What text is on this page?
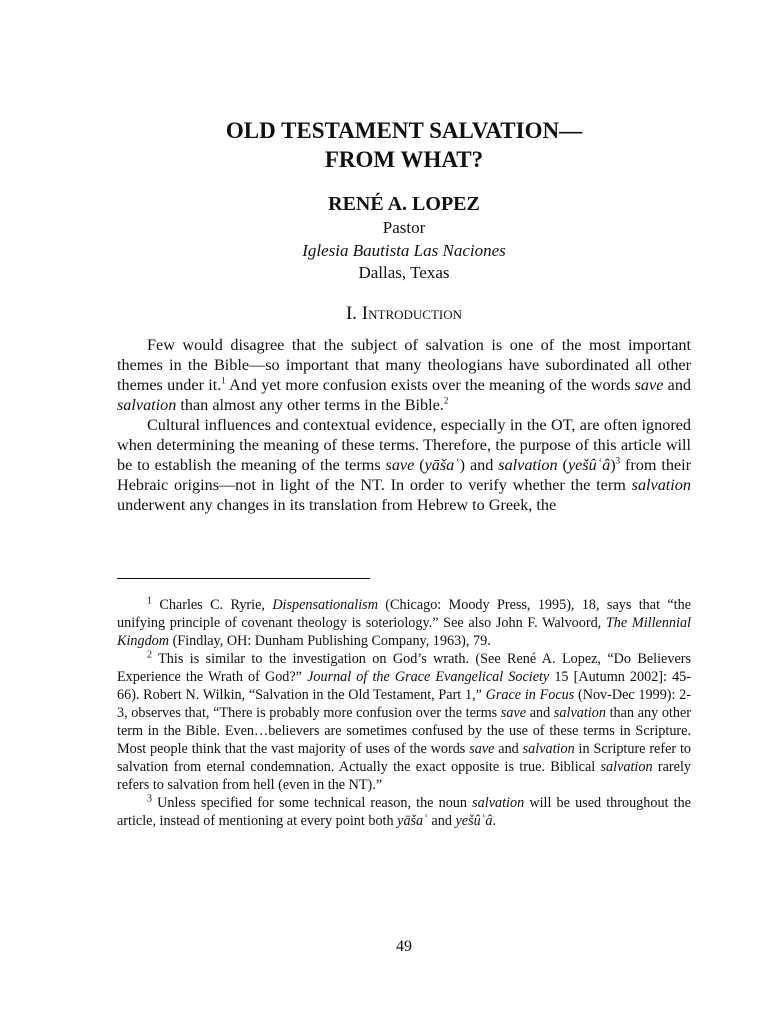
OLD TESTAMENT SALVATION—
FROM WHAT?
RENÉ A. LOPEZ
Pastor
Iglesia Bautista Las Naciones
Dallas, Texas
I. Introduction

Few would disagree that the subject of salvation is one of the most important themes in the Bible—so important that many theologians have subordinated all other themes under it.$^1$ And yet more confusion exists over the meaning of the words save and salvation than almost any other terms in the Bible.$^2$

Cultural influences and contextual evidence, especially in the OT, are often ignored when determining the meaning of these terms. Therefore, the purpose of this article will be to establish the meaning of the terms save (yāšaʿ) and salvation (yešûʿâ)$^3$ from their Hebraic origins—not in light of the NT. In order to verify whether the term salvation underwent any changes in its translation from Hebrew to Greek, the

$^1$ Charles C. Ryrie, Dispensationalism (Chicago: Moody Press, 1995), 18, says that “the unifying principle of covenant theology is soteriology.” See also John F. Walvoord, The Millennial Kingdom (Findlay, OH: Dunham Publishing Company, 1963), 79.

$^2$ This is similar to the investigation on God’s wrath. (See René A. Lopez, “Do Believers Experience the Wrath of God?” Journal of the Grace Evangelical Society 15 [Autumn 2002]: 45-66). Robert N. Wilkin, “Salvation in the Old Testament, Part 1,” Grace in Focus (Nov-Dec 1999): 2-3, observes that, “There is probably more confusion over the terms save and salvation than any other term in the Bible. Even…believers are sometimes confused by the use of these terms in Scripture. Most people think that the vast majority of uses of the words save and salvation in Scripture refer to salvation from eternal condemnation. Actually the exact opposite is true. Biblical salvation rarely refers to salvation from hell (even in the NT).”

$^3$ Unless specified for some technical reason, the noun salvation will be used throughout the article, instead of mentioning at every point both yāšaʿ and yešûʿâ.

49
